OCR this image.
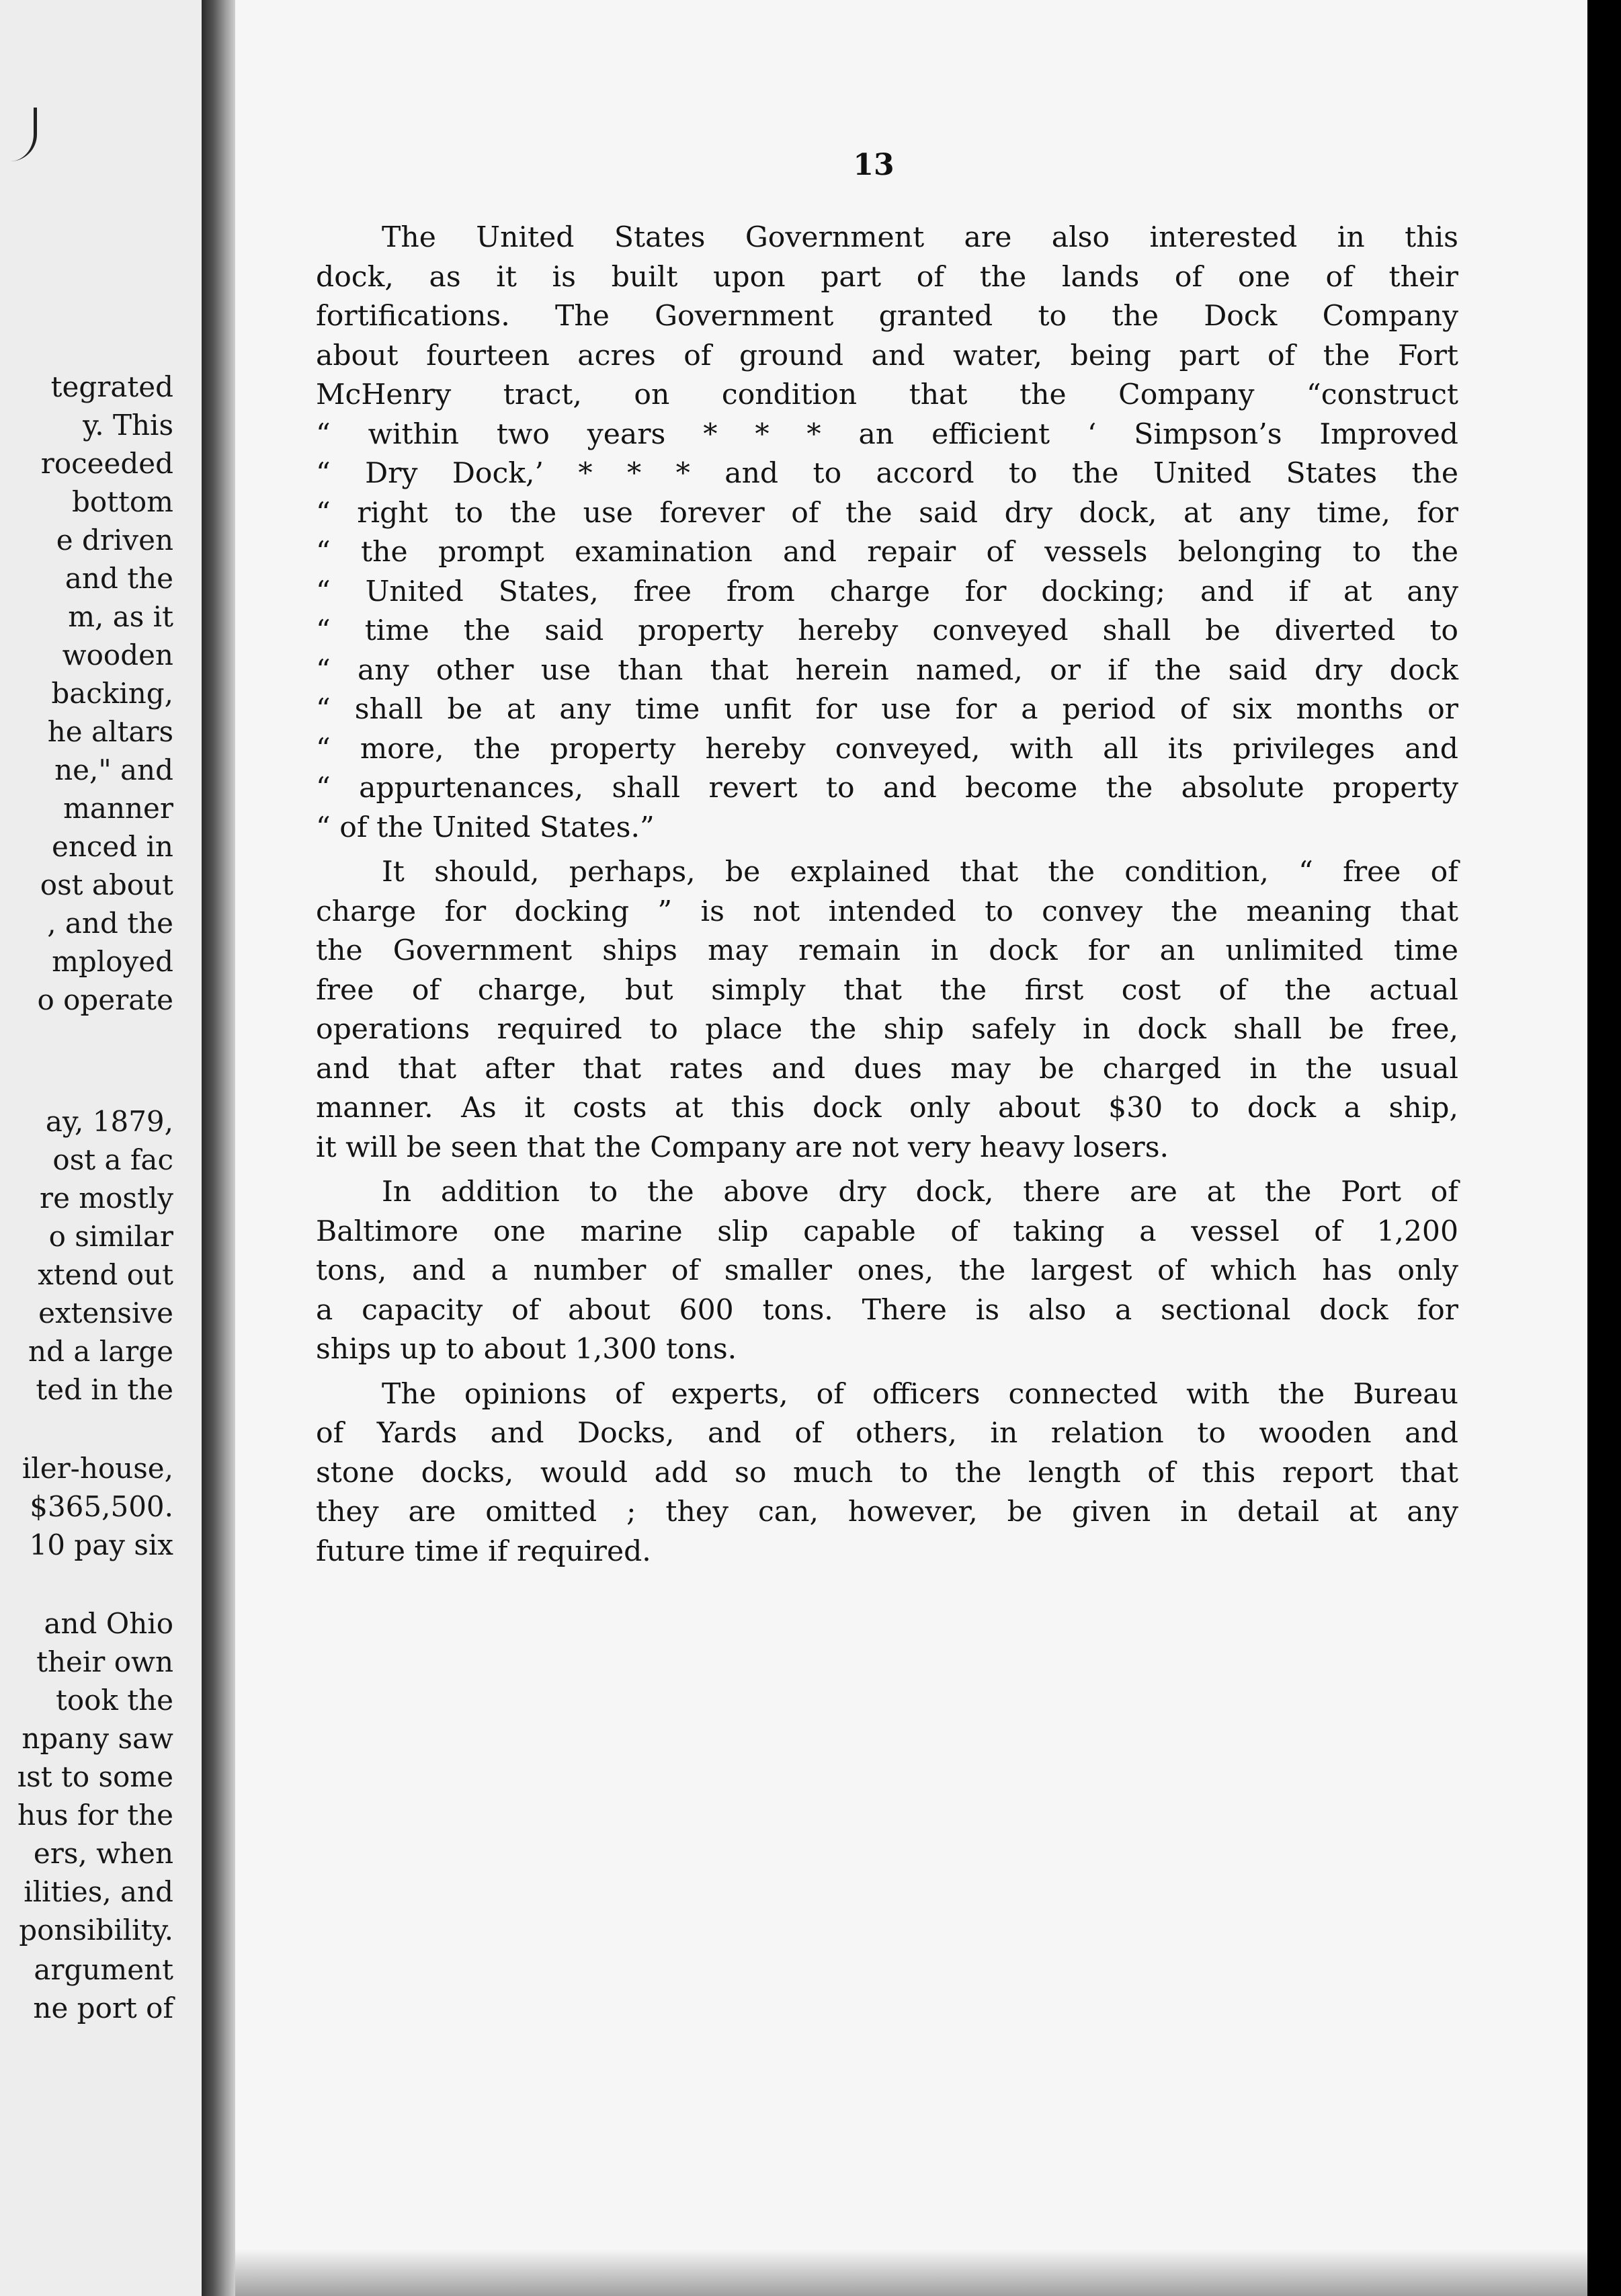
tegrated
y. This
roceeded
bottom
e driven
and the
m, as it
wooden
backing,
he altars
ne," and
manner
enced in
ost about
, and the
mployed
o operate
ay, 1879,
ost a fac
re mostly
o similar
xtend out
extensive
nd a large
ted in the
iler-house,
$365,500.
10 pay six
and Ohio
their own
took the
npany saw
ıst to some
hus for the
ers, when
ilities, and
ponsibility.
argument
ne port of
13
The United States Government are also interested in this
dock, as it is built upon part of the lands of one of their
fortifications. The Government granted to the Dock Company
about fourteen acres of ground and water, being part of the Fort
McHenry tract, on condition that the Company “construct
“ within two years * * * an efficient ‘ Simpson’s Improved
“ Dry Dock,’ * * * and to accord to the United States the
“ right to the use forever of the said dry dock, at any time, for
“ the prompt examination and repair of vessels belonging to the
“ United States, free from charge for docking; and if at any
“ time the said property hereby conveyed shall be diverted to
“ any other use than that herein named, or if the said dry dock
“ shall be at any time unfit for use for a period of six months or
“ more, the property hereby conveyed, with all its privileges and
“ appurtenances, shall revert to and become the absolute property
“ of the United States.”
It should, perhaps, be explained that the condition, “ free of
charge for docking ” is not intended to convey the meaning that
the Government ships may remain in dock for an unlimited time
free of charge, but simply that the first cost of the actual
operations required to place the ship safely in dock shall be free,
and that after that rates and dues may be charged in the usual
manner. As it costs at this dock only about $30 to dock a ship,
it will be seen that the Company are not very heavy losers.
In addition to the above dry dock, there are at the Port of
Baltimore one marine slip capable of taking a vessel of 1,200
tons, and a number of smaller ones, the largest of which has only
a capacity of about 600 tons. There is also a sectional dock for
ships up to about 1,300 tons.
The opinions of experts, of officers connected with the Bureau
of Yards and Docks, and of others, in relation to wooden and
stone docks, would add so much to the length of this report that
they are omitted ; they can, however, be given in detail at any
future time if required.
